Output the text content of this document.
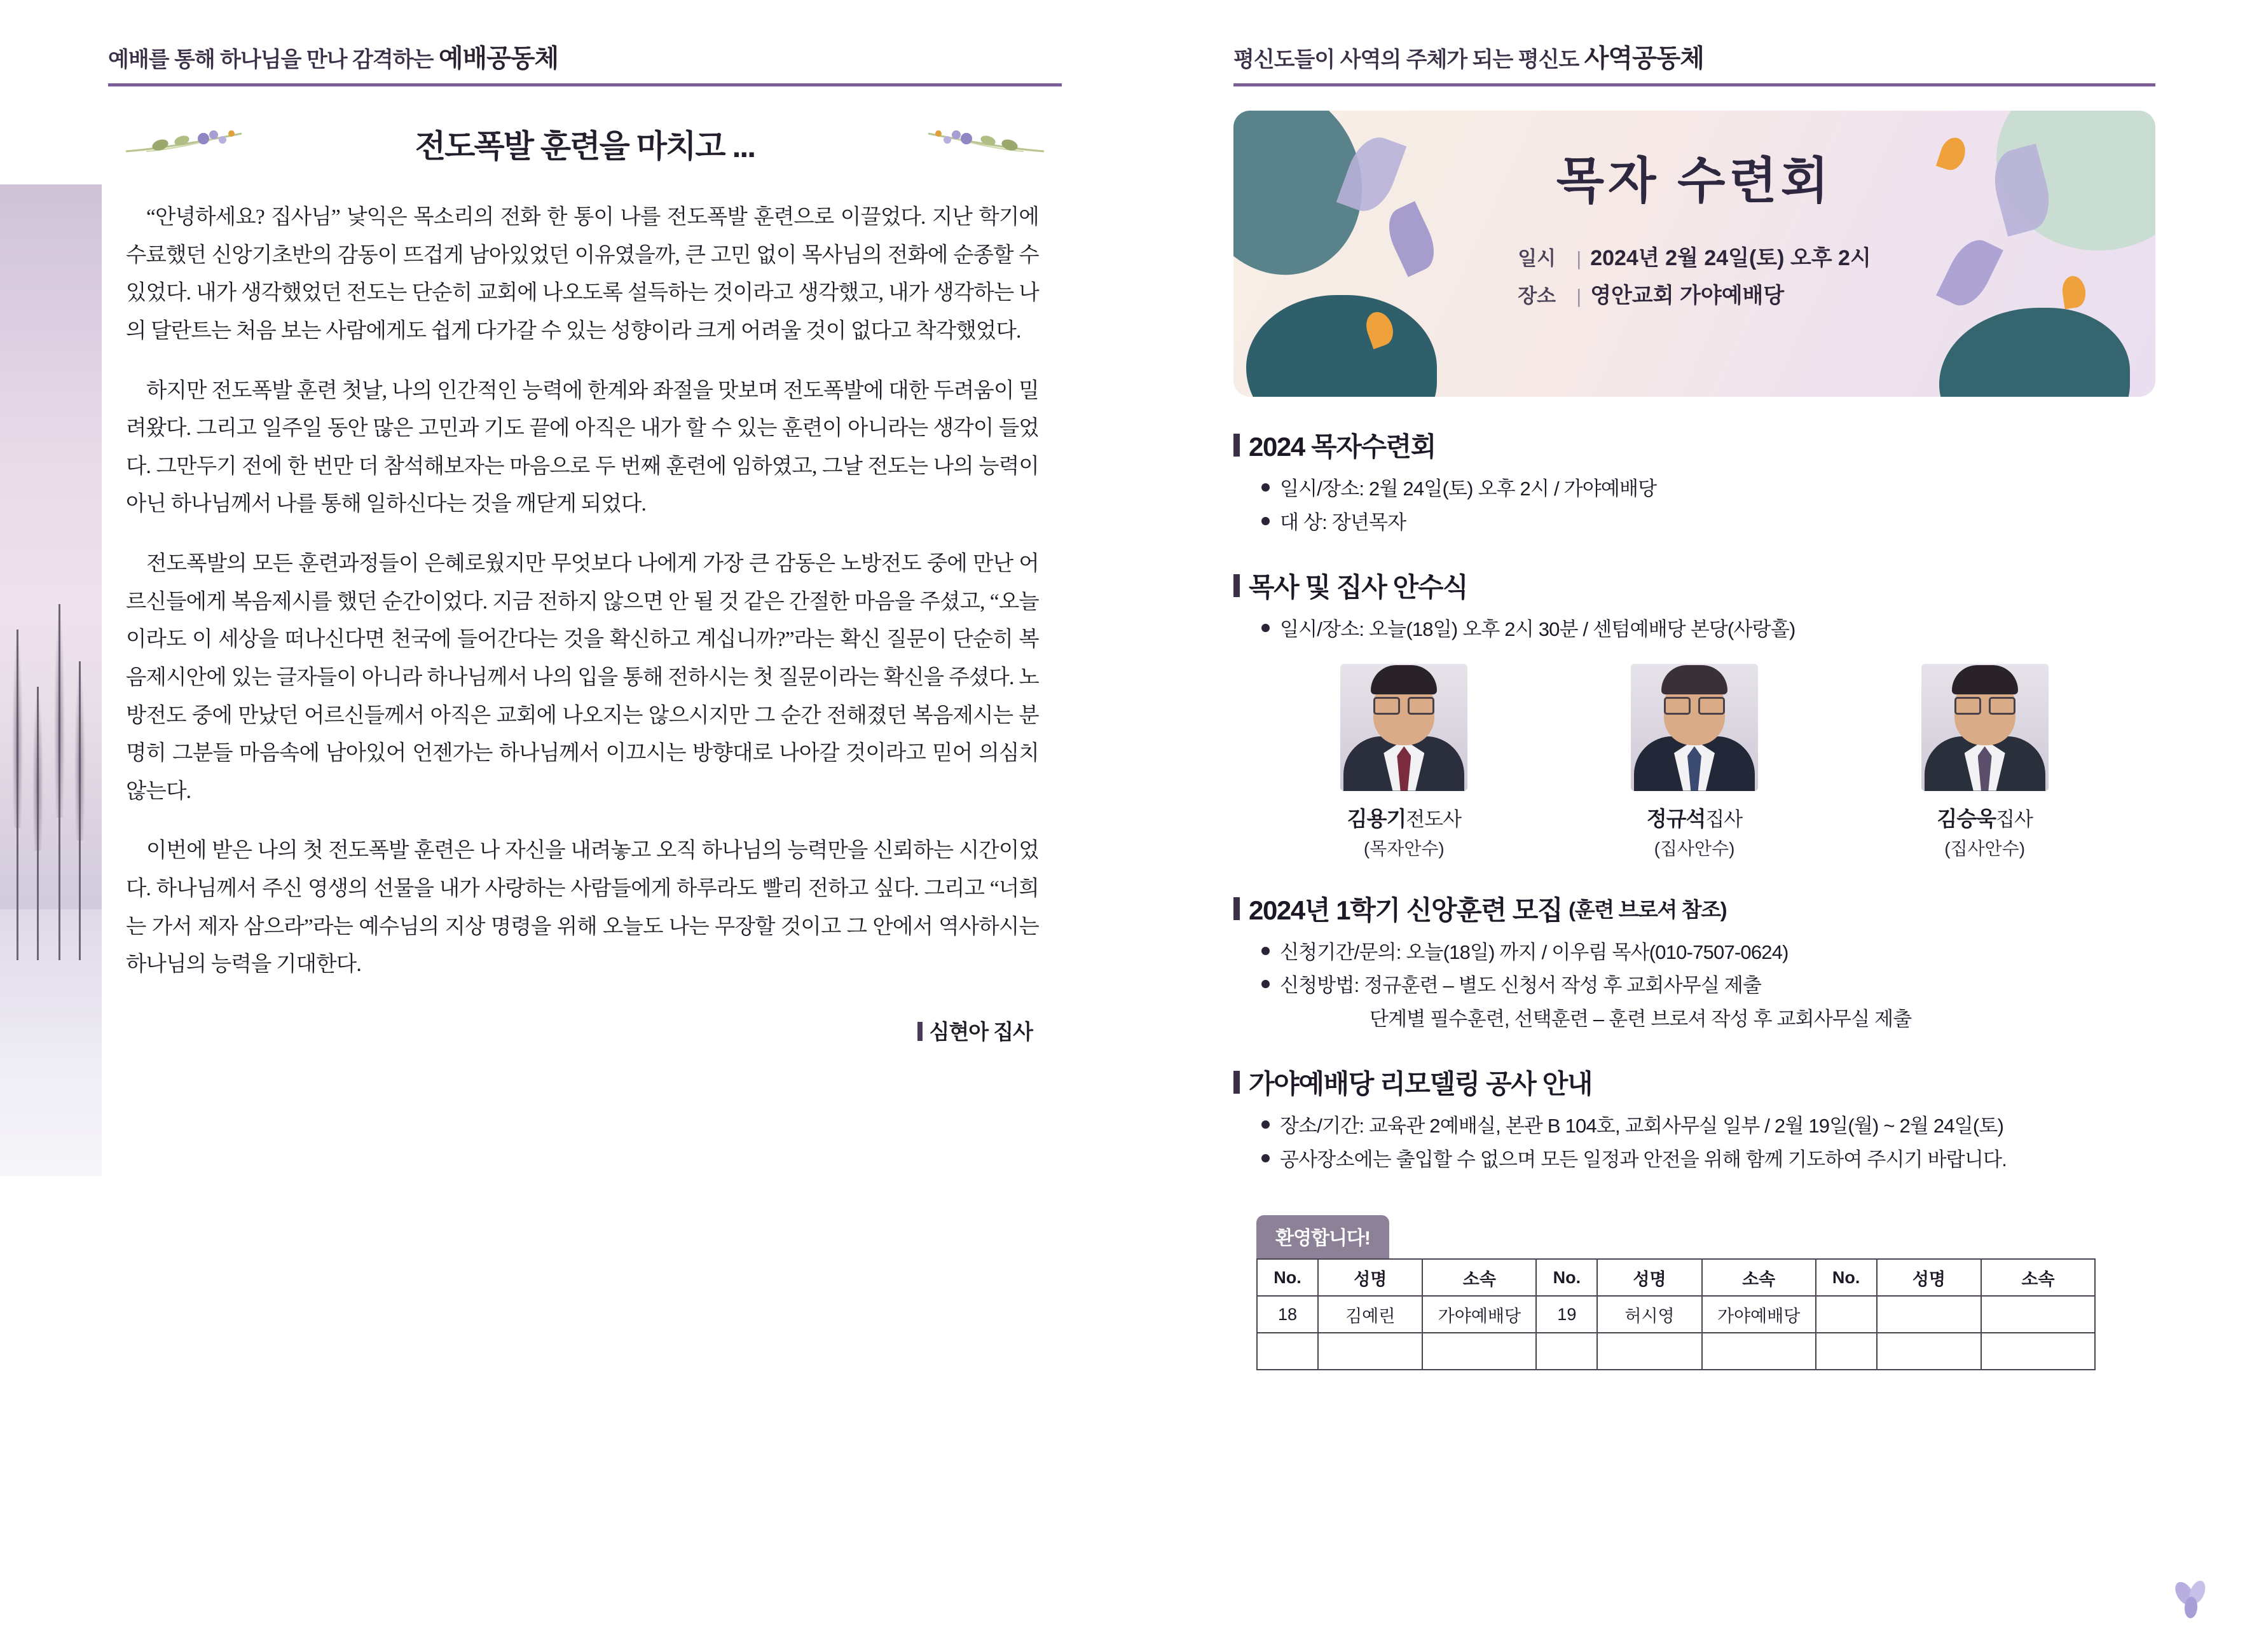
예배를 통해 하나님을 만나 감격하는 예배공동체
전도폭발 훈련을 마치고 ...

“안녕하세요? 집사님” 낯익은 목소리의 전화 한 통이 나를 전도폭발 훈련으로 이끌었다. 지난 학기에 수료했던 신앙기초반의 감동이 뜨겁게 남아있었던 이유였을까, 큰 고민 없이 목사님의 전화에 순종할 수 있었다. 내가 생각했었던 전도는 단순히 교회에 나오도록 설득하는 것이라고 생각했고, 내가 생각하는 나의 달란트는 처음 보는 사람에게도 쉽게 다가갈 수 있는 성향이라 크게 어려울 것이 없다고 착각했었다.

하지만 전도폭발 훈련 첫날, 나의 인간적인 능력에 한계와 좌절을 맛보며 전도폭발에 대한 두려움이 밀려왔다. 그리고 일주일 동안 많은 고민과 기도 끝에 아직은 내가 할 수 있는 훈련이 아니라는 생각이 들었다. 그만두기 전에 한 번만 더 참석해보자는 마음으로 두 번째 훈련에 임하였고, 그날 전도는 나의 능력이 아닌 하나님께서 나를 통해 일하신다는 것을 깨닫게 되었다.

전도폭발의 모든 훈련과정들이 은혜로웠지만 무엇보다 나에게 가장 큰 감동은 노방전도 중에 만난 어르신들에게 복음제시를 했던 순간이었다. 지금 전하지 않으면 안 될 것 같은 간절한 마음을 주셨고, “오늘이라도 이 세상을 떠나신다면 천국에 들어간다는 것을 확신하고 계십니까?”라는 확신 질문이 단순히 복음제시안에 있는 글자들이 아니라 하나님께서 나의 입을 통해 전하시는 첫 질문이라는 확신을 주셨다. 노방전도 중에 만났던 어르신들께서 아직은 교회에 나오지는 않으시지만 그 순간 전해졌던 복음제시는 분명히 그분들 마음속에 남아있어 언젠가는 하나님께서 이끄시는 방향대로 나아갈 것이라고 믿어 의심치 않는다.

이번에 받은 나의 첫 전도폭발 훈련은 나 자신을 내려놓고 오직 하나님의 능력만을 신뢰하는 시간이었다. 하나님께서 주신 영생의 선물을 내가 사랑하는 사람들에게 하루라도 빨리 전하고 싶다. 그리고 “너희는 가서 제자 삼으라”라는 예수님의 지상 명령을 위해 오늘도 나는 무장할 것이고 그 안에서 역사하시는 하나님의 능력을 기대한다.

심현아 집사
평신도들이 사역의 주체가 되는 평신도 사역공동체
목자 수련회
일시	| 2024년 2월 24일(토) 오후 2시
장소	| 영안교회 가야예배당
2024 목자수련회
일시/장소: 2월 24일(토) 오후 2시 / 가야예배당
대 상: 장년목자
목사 및 집사 안수식
일시/장소: 오늘(18일) 오후 2시 30분 / 센텀예배당 본당(사랑홀)
김용기전도사
(목자안수)
정규석집사
(집사안수)
김승욱집사
(집사안수)
2024년 1학기 신앙훈련 모집 (훈련 브로셔 참조)
신청기간/문의: 오늘(18일) 까지 / 이우림 목사(010-7507-0624)
신청방법: 정규훈련 – 별도 신청서 작성 후 교회사무실 제출
단계별 필수훈련, 선택훈련 – 훈련 브로셔 작성 후 교회사무실 제출
가야예배당 리모델링 공사 안내
장소/기간: 교육관 2예배실, 본관 B 104호, 교회사무실 일부 / 2월 19일(월) ~ 2월 24일(토)
공사장소에는 출입할 수 없으며 모든 일정과 안전을 위해 함께 기도하여 주시기 바랍니다.
환영합니다!
No.	성명	소속	No.	성명	소속	No.	성명	소속
18	김예린	가야예배당	19	허시영	가야예배당			
